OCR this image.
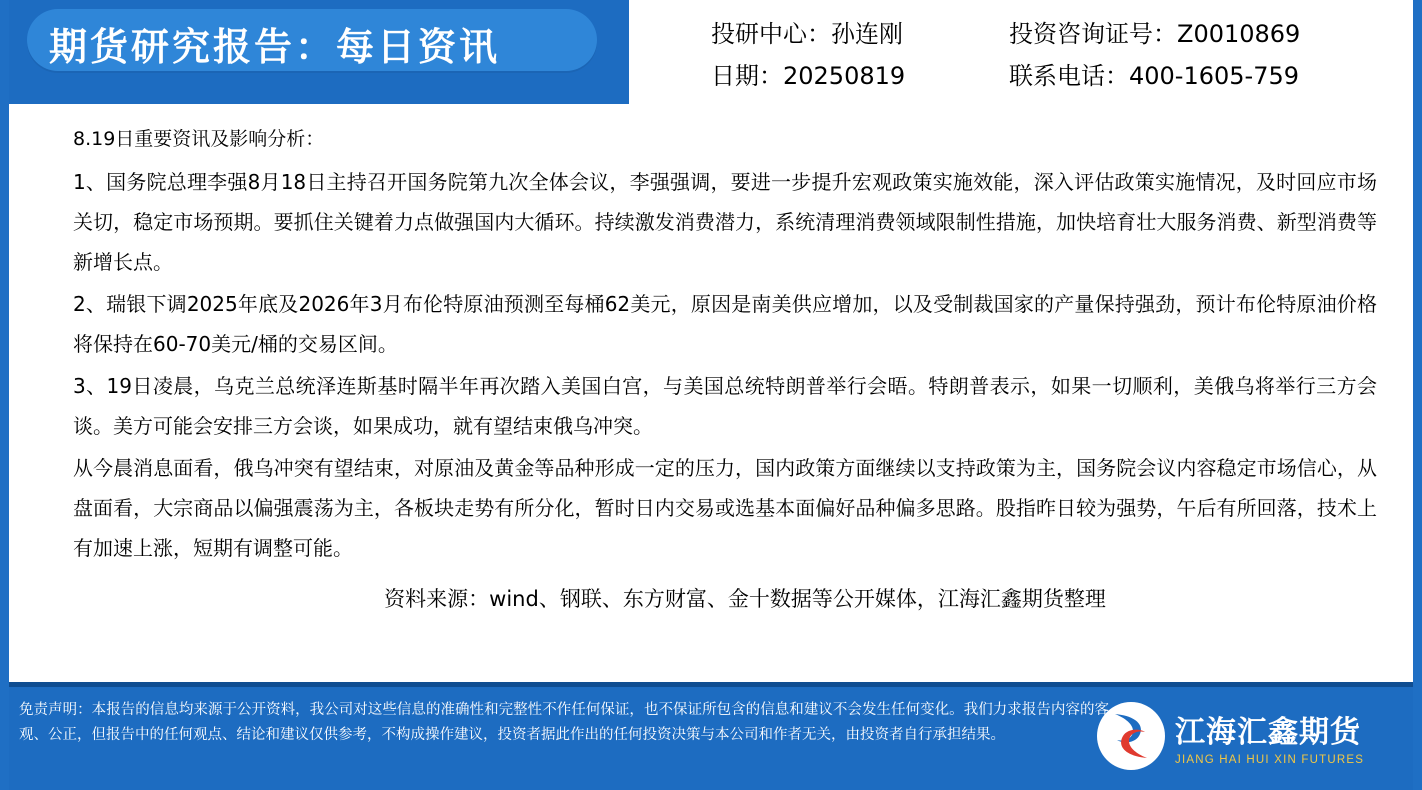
期货研究报告：每日资讯	投研中心：孙连刚	投资咨询证号：Z0010869
日期：20250819	联系电话：400-1605-759

8.19日重要资讯及影响分析：

1、国务院总理李强8月18日主持召开国务院第九次全体会议，李强强调，要进一步提升宏观政策实施效能，深入评估政策实施情况，及时回应市场关切，稳定市场预期。要抓住关键着力点做强国内大循环。持续激发消费潜力，系统清理消费领域限制性措施，加快培育壮大服务消费、新型消费等新增长点。

2、瑞银下调2025年底及2026年3月布伦特原油预测至每桶62美元，原因是南美供应增加，以及受制裁国家的产量保持强劲，预计布伦特原油价格将保持在60-70美元/桶的交易区间。

3、19日凌晨，乌克兰总统泽连斯基时隔半年再次踏入美国白宫，与美国总统特朗普举行会晤。特朗普表示，如果一切顺利，美俄乌将举行三方会谈。美方可能会安排三方会谈，如果成功，就有望结束俄乌冲突。

从今晨消息面看，俄乌冲突有望结束，对原油及黄金等品种形成一定的压力，国内政策方面继续以支持政策为主，国务院会议内容稳定市场信心，从盘面看，大宗商品以偏强震荡为主，各板块走势有所分化，暂时日内交易或选基本面偏好品种偏多思路。股指昨日较为强势，午后有所回落，技术上有加速上涨，短期有调整可能。

资料来源：wind、钢联、东方财富、金十数据等公开媒体，江海汇鑫期货整理

免责声明：本报告的信息均来源于公开资料，我公司对这些信息的准确性和完整性不作任何保证，也不保证所包含的信息和建议不会发生任何变化。我们力求报告内容的客观、公正，但报告中的任何观点、结论和建议仅供参考，不构成操作建议，投资者据此作出的任何投资决策与本公司和作者无关，由投资者自行承担结果。	江海汇鑫期货
JIANG HAI HUI XIN FUTURES
